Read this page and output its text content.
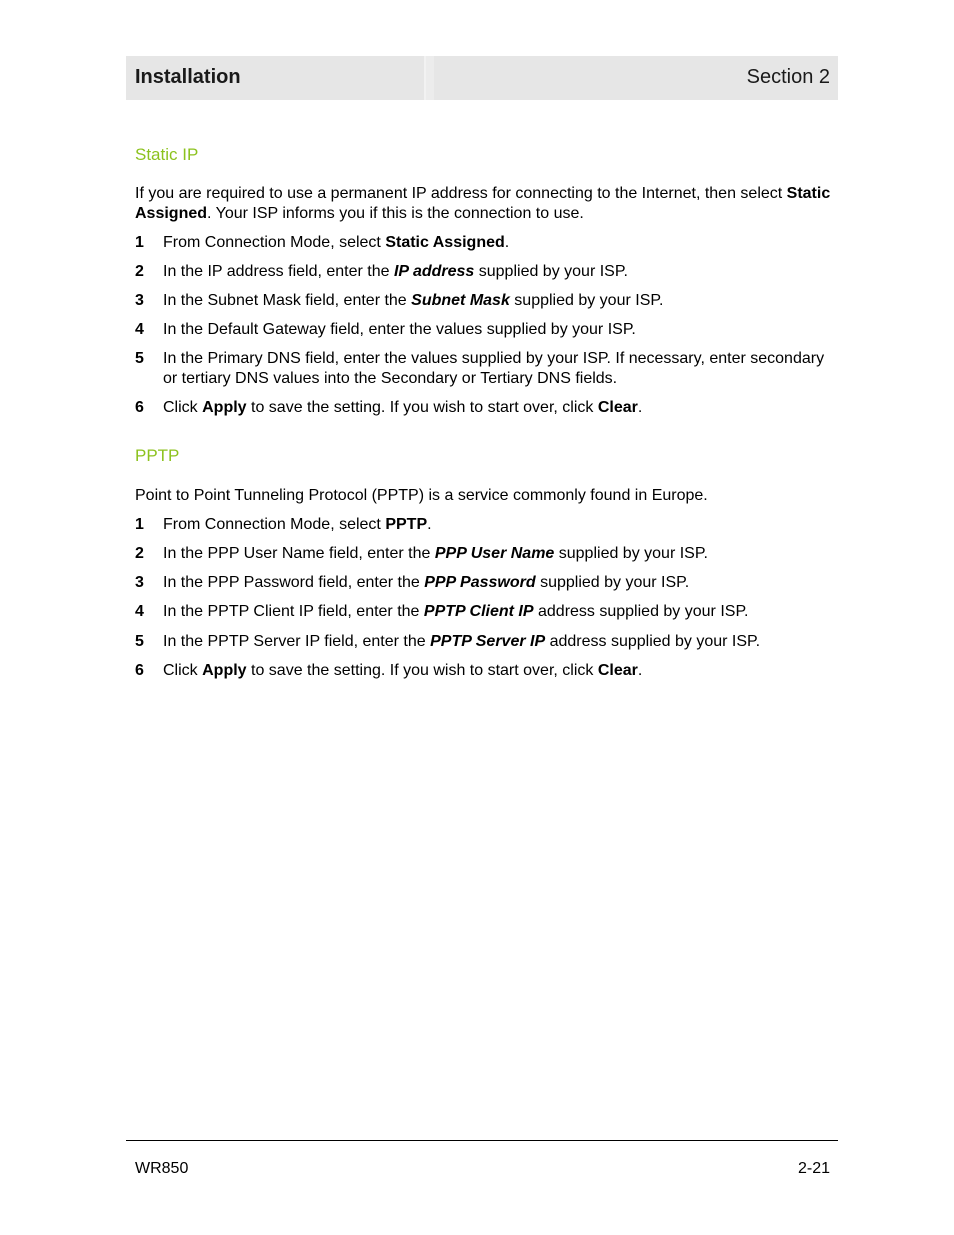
Installation	Section 2
Static IP
If you are required to use a permanent IP address for connecting to the Internet, then select Static Assigned. Your ISP informs you if this is the connection to use.
1 From Connection Mode, select Static Assigned.
2 In the IP address field, enter the IP address supplied by your ISP.
3 In the Subnet Mask field, enter the Subnet Mask supplied by your ISP.
4 In the Default Gateway field, enter the values supplied by your ISP.
5 In the Primary DNS field, enter the values supplied by your ISP. If necessary, enter secondary or tertiary DNS values into the Secondary or Tertiary DNS fields.
6 Click Apply to save the setting. If you wish to start over, click Clear.
PPTP
Point to Point Tunneling Protocol (PPTP) is a service commonly found in Europe.
1 From Connection Mode, select PPTP.
2 In the PPP User Name field, enter the PPP User Name supplied by your ISP.
3 In the PPP Password field, enter the PPP Password supplied by your ISP.
4 In the PPTP Client IP field, enter the PPTP Client IP address supplied by your ISP.
5 In the PPTP Server IP field, enter the PPTP Server IP address supplied by your ISP.
6 Click Apply to save the setting. If you wish to start over, click Clear.
WR850	2-21
